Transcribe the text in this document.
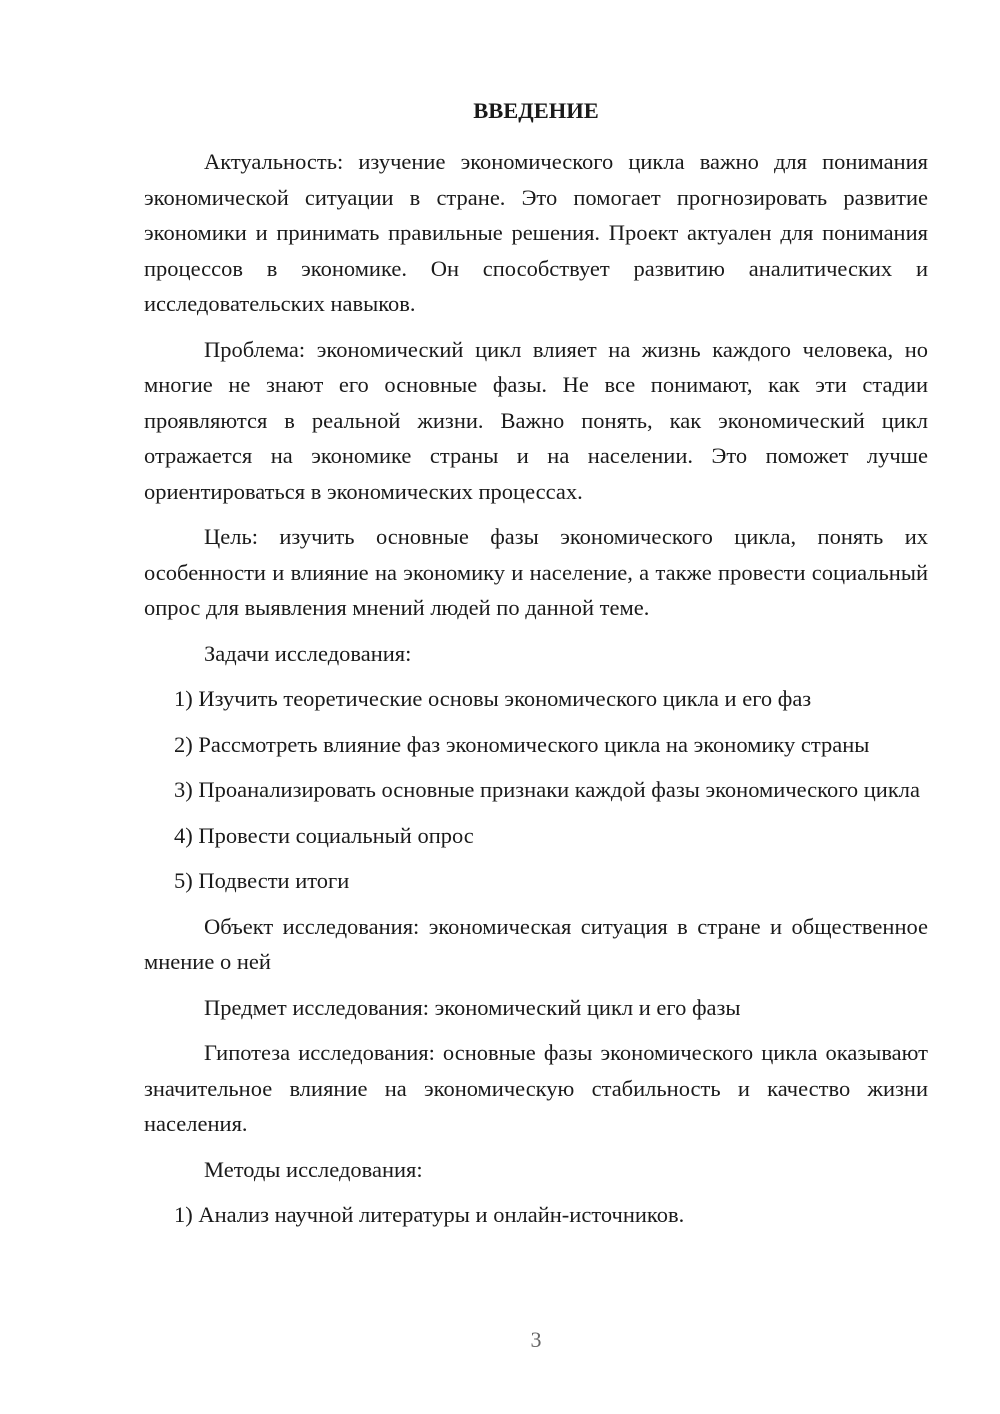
ВВЕДЕНИЕ

Актуальность: изучение экономического цикла важно для понимания экономической ситуации в стране. Это помогает прогнозировать развитие экономики и принимать правильные решения. Проект актуален для понимания процессов в экономике. Он способствует развитию аналитических и исследовательских навыков.

Проблема: экономический цикл влияет на жизнь каждого человека, но многие не знают его основные фазы. Не все понимают, как эти стадии проявляются в реальной жизни. Важно понять, как экономический цикл отражается на экономике страны и на населении. Это поможет лучше ориентироваться в экономических процессах.

Цель: изучить основные фазы экономического цикла, понять их особенности и влияние на экономику и население, а также провести социальный опрос для выявления мнений людей по данной теме.

Задачи исследования:

1) Изучить теоретические основы экономического цикла и его фаз

2) Рассмотреть влияние фаз экономического цикла на экономику страны

3) Проанализировать основные признаки каждой фазы экономического цикла

4) Провести социальный опрос

5) Подвести итоги

Объект исследования: экономическая ситуация в стране и общественное мнение о ней

Предмет исследования: экономический цикл и его фазы

Гипотеза исследования: основные фазы экономического цикла оказывают значительное влияние на экономическую стабильность и качество жизни населения.

Методы исследования:

1) Анализ научной литературы и онлайн-источников.

3
